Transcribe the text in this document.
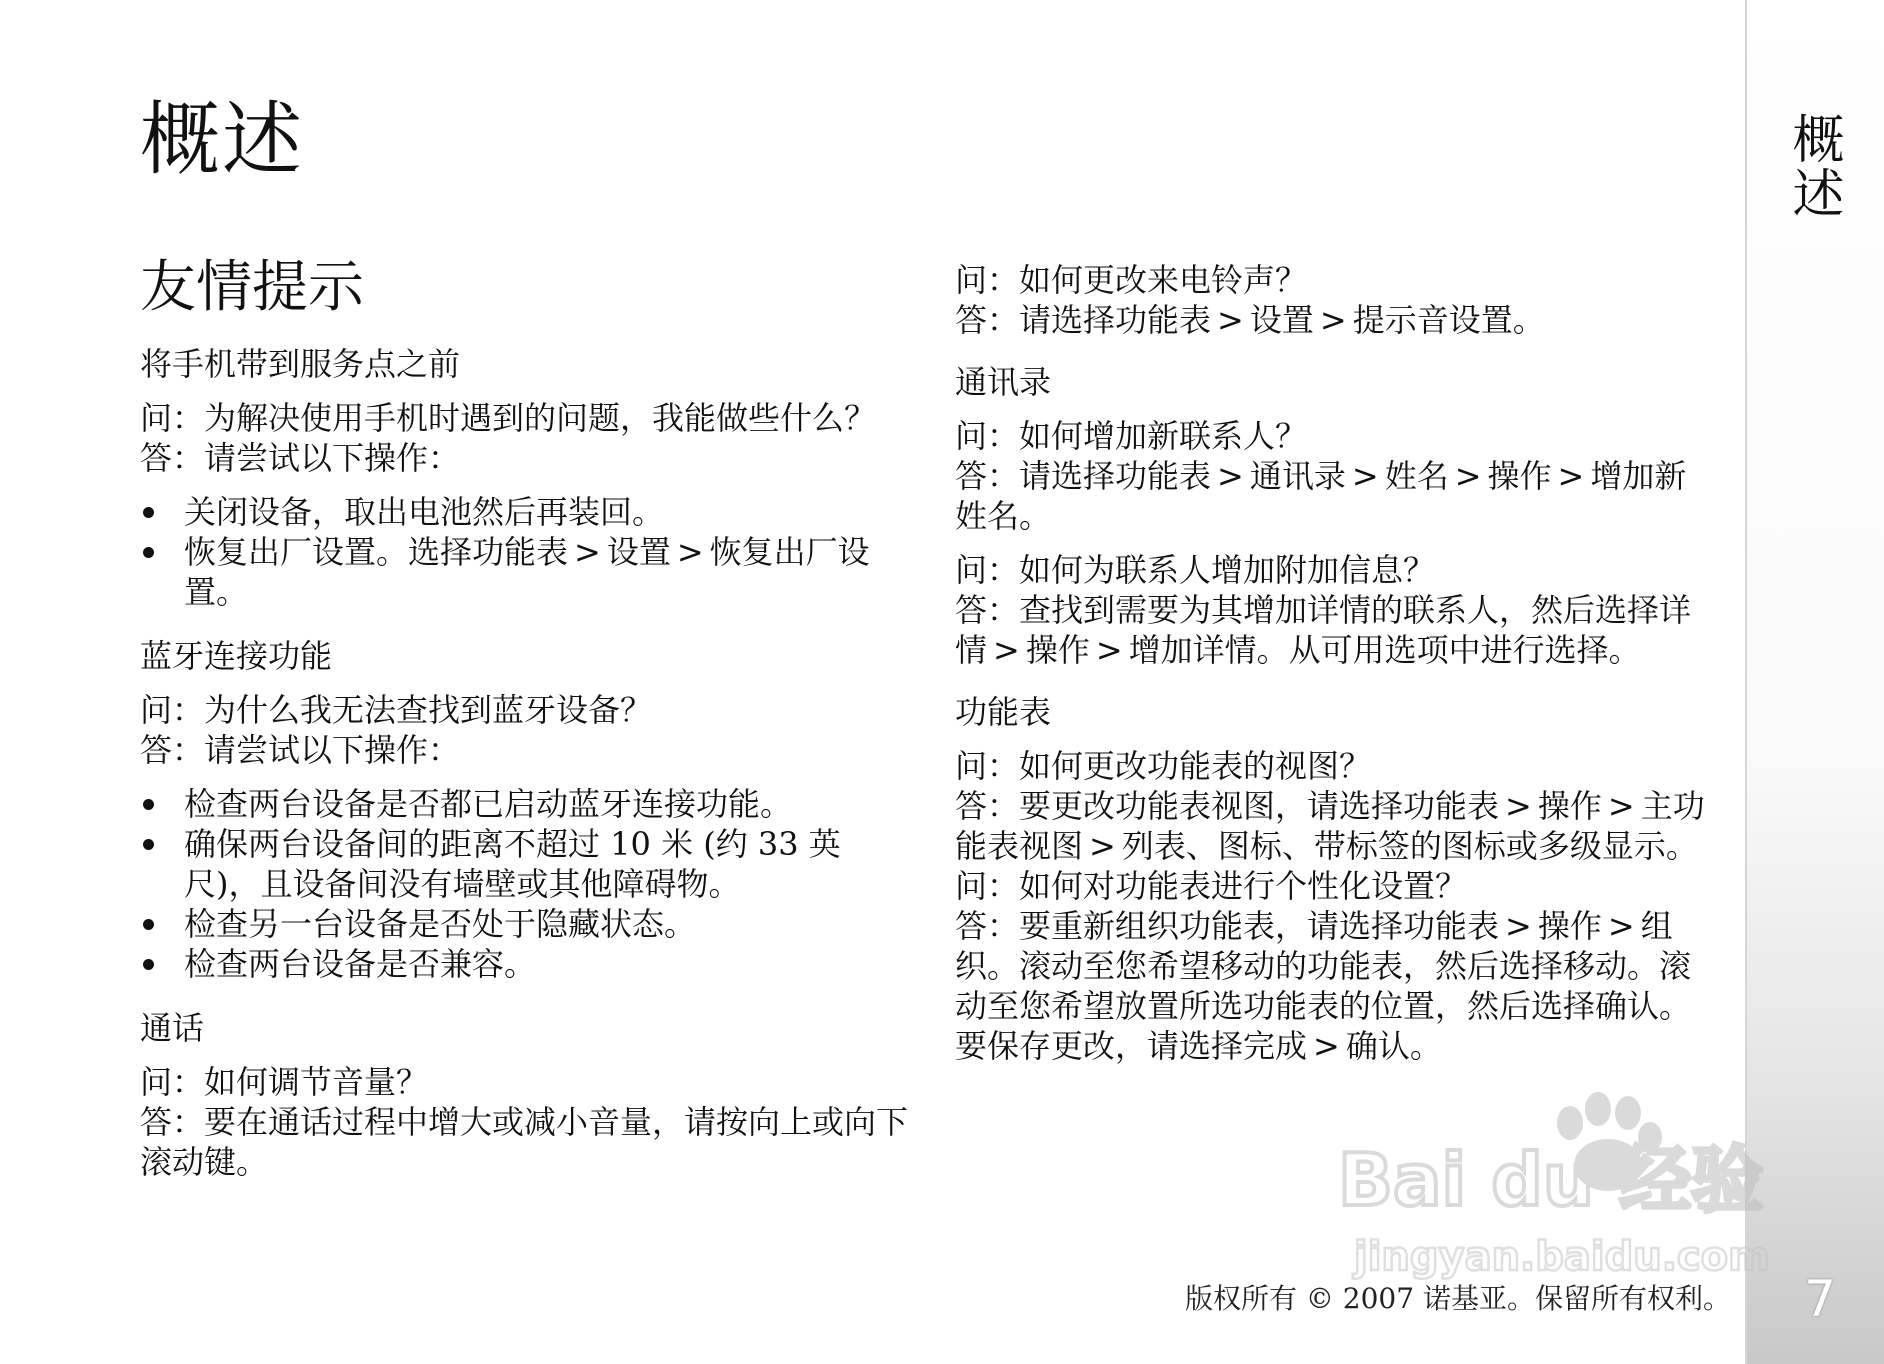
概述
7
概述
友情提示
将手机带到服务点之前

问：为解决使用手机时遇到的问题，我能做些什么？

答：请尝试以下操作：

关闭设备，取出电池然后再装回。
恢复出厂设置。选择功能表 > 设置 > 恢复出厂设置。
蓝牙连接功能

问：为什么我无法查找到蓝牙设备？

答：请尝试以下操作：

检查两台设备是否都已启动蓝牙连接功能。
确保两台设备间的距离不超过 10 米 (约 33 英尺)，且设备间没有墙壁或其他障碍物。
检查另一台设备是否处于隐藏状态。
检查两台设备是否兼容。
通话

问：如何调节音量？

答：要在通话过程中增大或减小音量，请按向上或向下滚动键。

问：如何更改来电铃声？

答：请选择功能表 > 设置 > 提示音设置。

通讯录

问：如何增加新联系人？

答：请选择功能表 > 通讯录 > 姓名 > 操作 > 增加新姓名。

问：如何为联系人增加附加信息？

答：查找到需要为其增加详情的联系人，然后选择详情 > 操作 > 增加详情。从可用选项中进行选择。

功能表

问：如何更改功能表的视图？

答：要更改功能表视图，请选择功能表 > 操作 > 主功能表视图 > 列表、图标、带标签的图标或多级显示。

问：如何对功能表进行个性化设置？

答：要重新组织功能表，请选择功能表 > 操作 > 组织。滚动至您希望移动的功能表，然后选择移动。滚动至您希望放置所选功能表的位置，然后选择确认。要保存更改，请选择完成 > 确认。

Bai du 经验
jingyan.baidu.com
版权所有 © 2007 诺基亚。保留所有权利。
